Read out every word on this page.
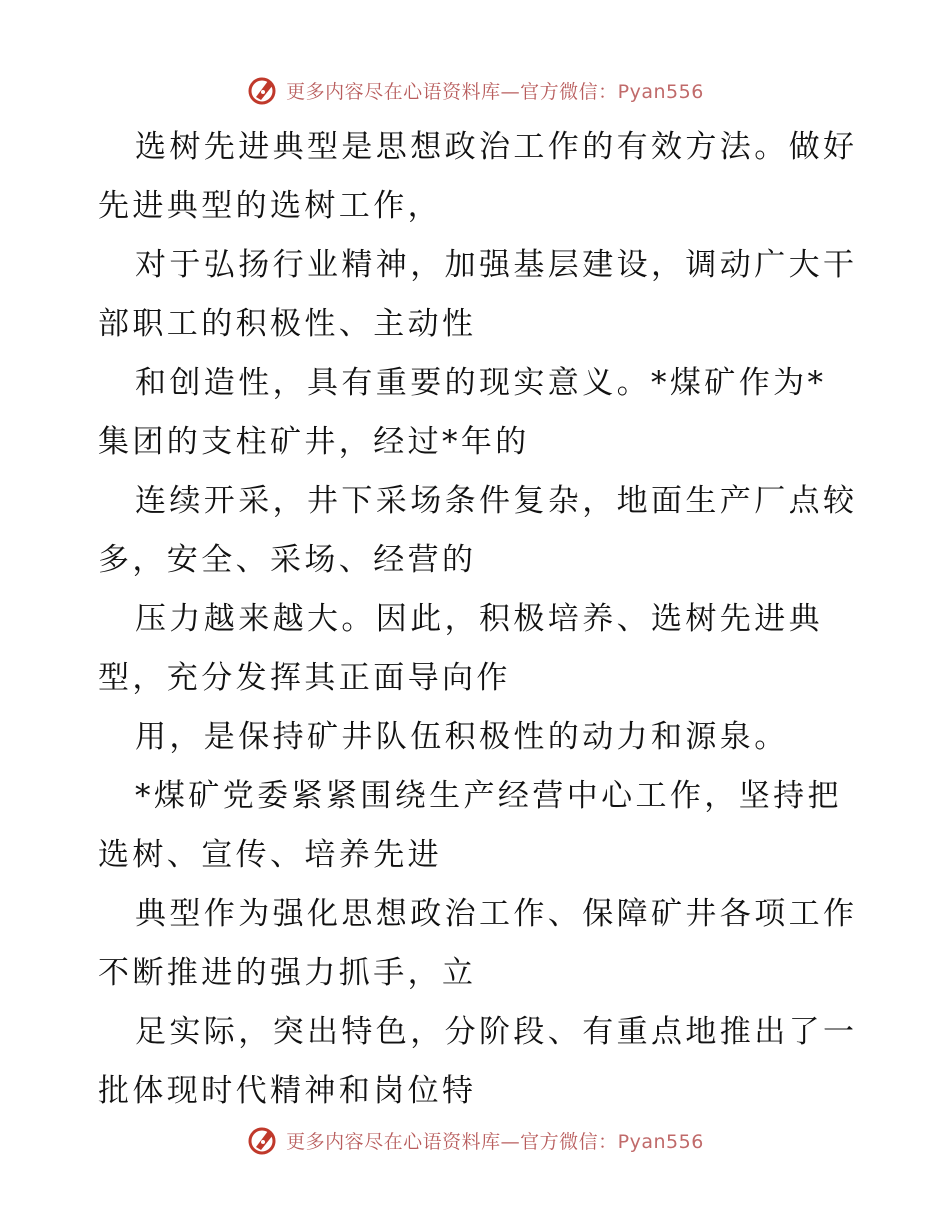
更多内容尽在心语资料库—官方微信：Pyan556

选树先进典型是思想政治工作的有效方法。做好先进典型的选树工作，

对于弘扬行业精神，加强基层建设，调动广大干部职工的积极性、主动性

和创造性，具有重要的现实意义。*煤矿作为*集团的支柱矿井，经过*年的

连续开采，井下采场条件复杂，地面生产厂点较多，安全、采场、经营的

压力越来越大。因此，积极培养、选树先进典型，充分发挥其正面导向作

用，是保持矿井队伍积极性的动力和源泉。

*煤矿党委紧紧围绕生产经营中心工作，坚持把选树、宣传、培养先进

典型作为强化思想政治工作、保障矿井各项工作不断推进的强力抓手，立

足实际，突出特色，分阶段、有重点地推出了一批体现时代精神和岗位特

更多内容尽在心语资料库—官方微信：Pyan556
